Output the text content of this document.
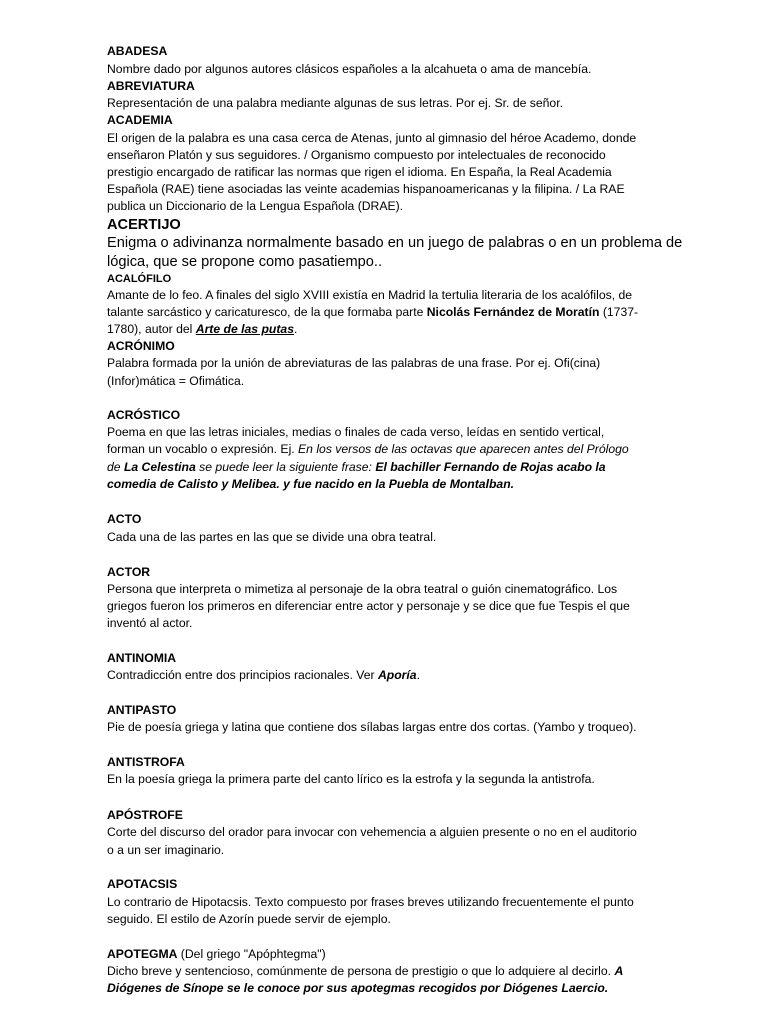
ABADESA
Nombre dado por algunos autores clásicos españoles a la alcahueta o ama de mancebía.
ABREVIATURA
Representación de una palabra mediante algunas de sus letras. Por ej. Sr. de señor.
ACADEMIA
El origen de la palabra es una casa cerca de Atenas, junto al gimnasio del héroe Academo, donde
enseñaron Platón y sus seguidores. / Organismo compuesto por intelectuales de reconocido
prestigio encargado de ratificar las normas que rigen el idioma. En España, la Real Academia
Española (RAE) tiene asociadas las veinte academias hispanoamericanas y la filipina. / La RAE
publica un Diccionario de la Lengua Española (DRAE).
ACERTIJO
Enigma o adivinanza normalmente basado en un juego de palabras o en un problema de
lógica, que se propone como pasatiempo..
ACALÓFILO
Amante de lo feo. A finales del siglo XVIII existía en Madrid la tertulia literaria de los acalófilos, de
talante sarcástico y caricaturesco, de la que formaba parte Nicolás Fernández de Moratín (1737-
1780), autor del Arte de las putas.
ACRÓNIMO
Palabra formada por la unión de abreviaturas de las palabras de una frase. Por ej. Ofi(cina)
(Infor)mática = Ofimática.
ACRÓSTICO
Poema en que las letras iniciales, medias o finales de cada verso, leídas en sentido vertical,
forman un vocablo o expresión. Ej. En los versos de las octavas que aparecen antes del Prólogo
de La Celestina se puede leer la siguiente frase: El bachiller Fernando de Rojas acabo la
comedia de Calisto y Melibea. y fue nacido en la Puebla de Montalban.
ACTO
Cada una de las partes en las que se divide una obra teatral.
ACTOR
Persona que interpreta o mimetiza al personaje de la obra teatral o guión cinematográfico. Los
griegos fueron los primeros en diferenciar entre actor y personaje y se dice que fue Tespis el que
inventó al actor.
ANTINOMIA
Contradicción entre dos principios racionales. Ver Aporía.
ANTIPASTO
Pie de poesía griega y latina que contiene dos sílabas largas entre dos cortas. (Yambo y troqueo).
ANTISTROFA
En la poesía griega la primera parte del canto lírico es la estrofa y la segunda la antistrofa.
APÓSTROFE
Corte del discurso del orador para invocar con vehemencia a alguien presente o no en el auditorio
o a un ser imaginario.
APOTACSIS
Lo contrario de Hipotacsis. Texto compuesto por frases breves utilizando frecuentemente el punto
seguido. El estilo de Azorín puede servir de ejemplo.
APOTEGMA (Del griego "Apóphtegma")
Dicho breve y sentencioso, comúnmente de persona de prestigio o que lo adquiere al decirlo. A
Diógenes de Sínope se le conoce por sus apotegmas recogidos por Diógenes Laercio.
